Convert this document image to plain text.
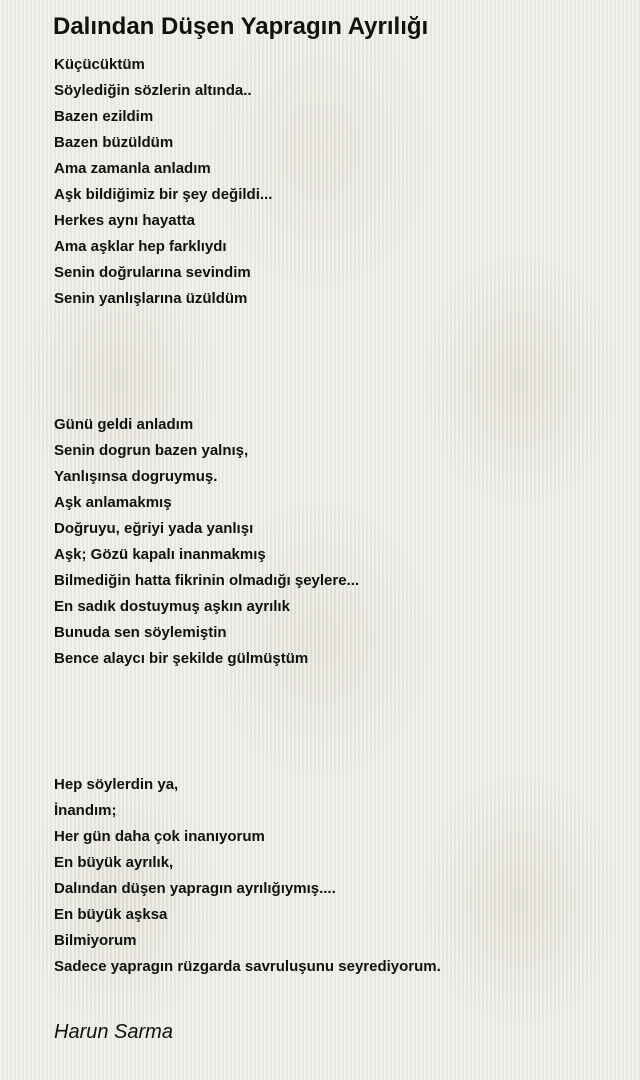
Dalından Düşen Yapragın Ayrılığı
Küçücüktüm
Söylediğin sözlerin altında..
Bazen ezildim
Bazen büzüldüm
Ama zamanla anladım
Aşk bildiğimiz bir şey değildi...
Herkes aynı hayatta
Ama aşklar hep farklıydı
Senin doğrularına sevindim
Senin yanlışlarına üzüldüm
Günü geldi anladım
Senin dogrun bazen yalnış,
Yanlışınsa dogruymuş.
Aşk anlamakmış
Doğruyu, eğriyi yada yanlışı
Aşk; Gözü kapalı inanmakmış
Bilmediğin hatta fikrinin olmadığı şeylere...
En sadık dostuymuş aşkın ayrılık
Bunuda sen söylemiştin
Bence alaycı bir şekilde gülmüştüm
Hep söylerdin ya,
İnandım;
Her gün daha çok inanıyorum
En büyük ayrılık,
Dalından düşen yapragın ayrılığıymış....
En büyük aşksa
Bilmiyorum
Sadece yapragın rüzgarda savruluşunu seyrediyorum.

Harun Sarma
